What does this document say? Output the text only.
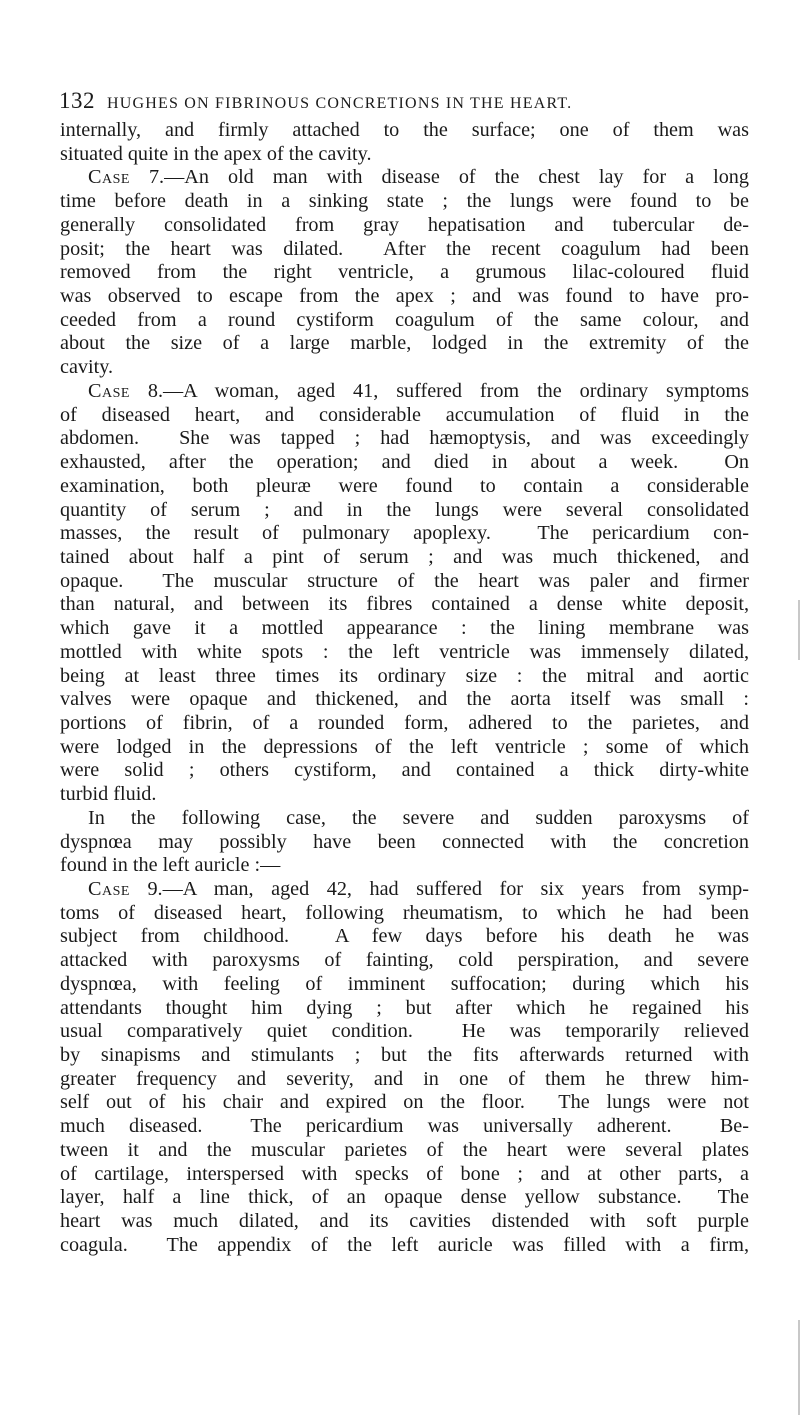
132 HUGHES ON FIBRINOUS CONCRETIONS IN THE HEART.
internally, and firmly attached to the surface; one of them was
situated quite in the apex of the cavity.
Case 7.—An old man with disease of the chest lay for a long
time before death in a sinking state ; the lungs were found to be
generally consolidated from gray hepatisation and tubercular de-
posit; the heart was dilated.  After the recent coagulum had been
removed from the right ventricle, a grumous lilac-coloured fluid
was observed to escape from the apex ; and was found to have pro-
ceeded from a round cystiform coagulum of the same colour, and
about the size of a large marble, lodged in the extremity of the
cavity.
Case 8.—A woman, aged 41, suffered from the ordinary symptoms
of diseased heart, and considerable accumulation of fluid in the
abdomen.  She was tapped ; had hæmoptysis, and was exceedingly
exhausted, after the operation; and died in about a week.  On
examination, both pleuræ were found to contain a considerable
quantity of serum ; and in the lungs were several consolidated
masses, the result of pulmonary apoplexy.  The pericardium con-
tained about half a pint of serum ; and was much thickened, and
opaque.  The muscular structure of the heart was paler and firmer
than natural, and between its fibres contained a dense white deposit,
which gave it a mottled appearance : the lining membrane was
mottled with white spots : the left ventricle was immensely dilated,
being at least three times its ordinary size : the mitral and aortic
valves were opaque and thickened, and the aorta itself was small :
portions of fibrin, of a rounded form, adhered to the parietes, and
were lodged in the depressions of the left ventricle ; some of which
were solid ; others cystiform, and contained a thick dirty-white
turbid fluid.
In the following case, the severe and sudden paroxysms of
dyspnœa may possibly have been connected with the concretion
found in the left auricle :—
Case 9.—A man, aged 42, had suffered for six years from symp-
toms of diseased heart, following rheumatism, to which he had been
subject from childhood.  A few days before his death he was
attacked with paroxysms of fainting, cold perspiration, and severe
dyspnœa, with feeling of imminent suffocation; during which his
attendants thought him dying ; but after which he regained his
usual comparatively quiet condition.  He was temporarily relieved
by sinapisms and stimulants ; but the fits afterwards returned with
greater frequency and severity, and in one of them he threw him-
self out of his chair and expired on the floor.  The lungs were not
much diseased.  The pericardium was universally adherent.  Be-
tween it and the muscular parietes of the heart were several plates
of cartilage, interspersed with specks of bone ; and at other parts, a
layer, half a line thick, of an opaque dense yellow substance.  The
heart was much dilated, and its cavities distended with soft purple
coagula.  The appendix of the left auricle was filled with a firm,
